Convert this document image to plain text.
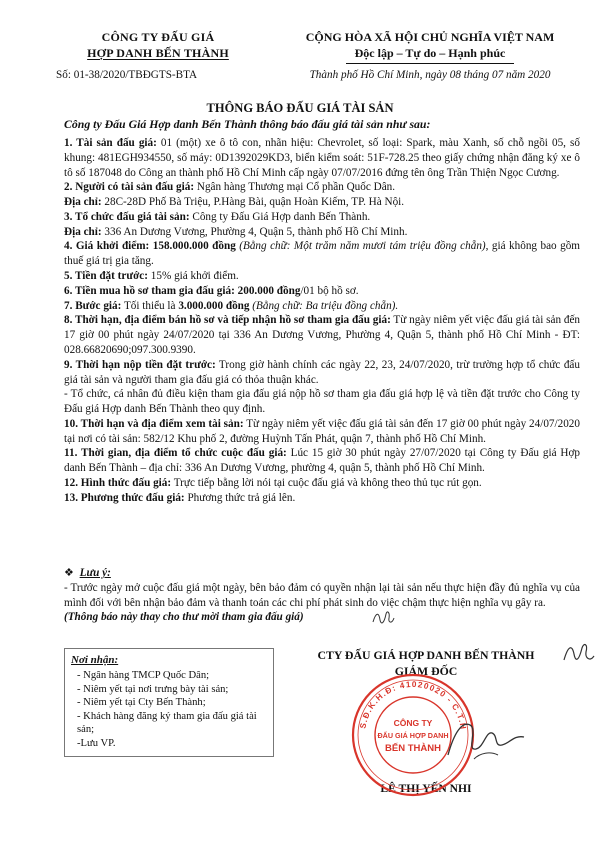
CÔNG TY ĐẤU GIÁ
HỢP DANH BẾN THÀNH
Số: 01-38/2020/TBĐGTS-BTA
CỘNG HÒA XÃ HỘI CHỦ NGHĨA VIỆT NAM
Độc lập – Tự do – Hạnh phúc
Thành phố Hồ Chí Minh, ngày 08 tháng 07 năm 2020
THÔNG BÁO ĐẤU GIÁ TÀI SẢN
Công ty Đấu Giá Hợp danh Bến Thành thông báo đấu giá tài sản như sau:

1. Tài sản đấu giá: 01 (một) xe ô tô con, nhãn hiệu: Chevrolet, số loại: Spark, màu Xanh, số chỗ ngồi 05, số khung: 481EGH934550, số máy: 0D1392029KD3, biển kiểm soát: 51F-728.25 theo giấy chứng nhận đăng ký xe ô tô số 187048 do Công an thành phố Hồ Chí Minh cấp ngày 07/07/2016 đứng tên ông Trần Thiện Ngọc Cương.

2. Người có tài sản đấu giá: Ngân hàng Thương mại Cổ phần Quốc Dân.

Địa chỉ: 28C-28D Phố Bà Triệu, P.Hàng Bài, quận Hoàn Kiếm, TP. Hà Nội.

3. Tổ chức đấu giá tài sản: Công ty Đấu Giá Hợp danh Bến Thành.

Địa chỉ: 336 An Dương Vương, Phường 4, Quận 5, thành phố Hồ Chí Minh.

4. Giá khởi điểm: 158.000.000 đồng (Bằng chữ: Một trăm năm mươi tám triệu đồng chẵn), giá không bao gồm thuế giá trị gia tăng.

5. Tiền đặt trước: 15% giá khởi điểm.

6. Tiền mua hồ sơ tham gia đấu giá: 200.000 đồng/01 bộ hồ sơ.

7. Bước giá: Tối thiểu là 3.000.000 đồng (Bằng chữ: Ba triệu đồng chẵn).

8. Thời hạn, địa điểm bán hồ sơ và tiếp nhận hồ sơ tham gia đấu giá: Từ ngày niêm yết việc đấu giá tài sản đến 17 giờ 00 phút ngày 24/07/2020 tại 336 An Dương Vương, Phường 4, Quận 5, thành phố Hồ Chí Minh - ĐT: 028.66820690;097.300.9390.

9. Thời hạn nộp tiền đặt trước: Trong giờ hành chính các ngày 22, 23, 24/07/2020, trừ trường hợp tổ chức đấu giá tài sản và người tham gia đấu giá có thỏa thuận khác.

- Tổ chức, cá nhân đủ điều kiện tham gia đấu giá nộp hồ sơ tham gia đấu giá hợp lệ và tiền đặt trước cho Công ty Đấu giá Hợp danh Bến Thành theo quy định.

10. Thời hạn và địa điểm xem tài sản: Từ ngày niêm yết việc đấu giá tài sản đến 17 giờ 00 phút ngày 24/07/2020 tại nơi có tài sản: 582/12 Khu phố 2, đường Huỳnh Tấn Phát, quận 7, thành phố Hồ Chí Minh.

11. Thời gian, địa điểm tổ chức cuộc đấu giá: Lúc 15 giờ 30 phút ngày 27/07/2020 tại Công ty Đấu giá Hợp danh Bến Thành – địa chỉ: 336 An Dương Vương, phường 4, quận 5, thành phố Hồ Chí Minh.

12. Hình thức đấu giá: Trực tiếp bằng lời nói tại cuộc đấu giá và không theo thủ tục rút gọn.

13. Phương thức đấu giá: Phương thức trả giá lên.

❖ Lưu ý:

- Trước ngày mở cuộc đấu giá một ngày, bên bảo đảm có quyền nhận lại tài sản nếu thực hiện đầy đủ nghĩa vụ của mình đối với bên nhận bảo đảm và thanh toán các chi phí phát sinh do việc chậm thực hiện nghĩa vụ gây ra.

(Thông báo này thay cho thư mời tham gia đấu giá)

Nơi nhận:
- Ngân hàng TMCP Quốc Dân;
- Niêm yết tại nơi trưng bày tài sản;
- Niêm yết tại Cty Bến Thành;
- Khách hàng đăng ký tham gia đấu giá tài sản;
-Lưu VP.
CTY ĐẤU GIÁ HỢP DANH BẾN THÀNH
GIÁM ĐỐC
LÊ THỊ YẾN NHI
S.Đ.K.H.Đ: 41020020 - C.T.H
CÔNG TY
ĐẤU GIÁ HỢP DANH
BẾN THÀNH
